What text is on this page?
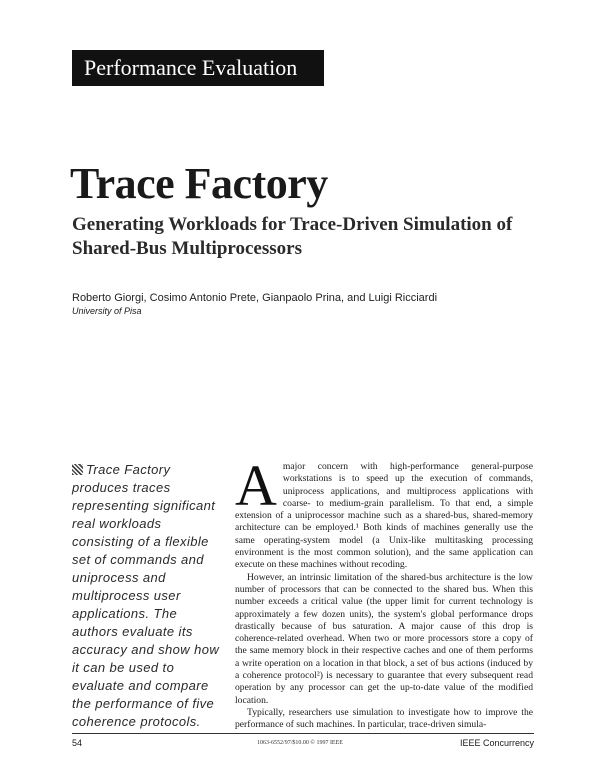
Performance Evaluation
Trace Factory
Generating Workloads for Trace-Driven Simulation of Shared-Bus Multiprocessors
Roberto Giorgi, Cosimo Antonio Prete, Gianpaolo Prina, and Luigi Ricciardi
University of Pisa
Trace Factory produces traces representing significant real workloads consisting of a flexible set of commands and uniprocess and multiprocess user applications. The authors evaluate its accuracy and show how it can be used to evaluate and compare the performance of five coherence protocols.

Amajor concern with high-performance general-purpose workstations is to speed up the execution of commands, uniprocess applications, and multiprocess applications with coarse- to medium-grain parallelism. To that end, a simple extension of a uniprocessor machine such as a shared-bus, shared-memory architecture can be employed.¹ Both kinds of machines generally use the same operating-system model (a Unix-like multitasking processing environment is the most common solution), and the same application can execute on these machines without recoding.

However, an intrinsic limitation of the shared-bus architecture is the low number of processors that can be connected to the shared bus. When this number exceeds a critical value (the upper limit for current technology is approximately a few dozen units), the system's global performance drops drastically because of bus saturation. A major cause of this drop is coherence-related overhead. When two or more processors store a copy of the same memory block in their respective caches and one of them performs a write operation on a location in that block, a set of bus actions (induced by a coherence protocol²) is necessary to guarantee that every subsequent read operation by any processor can get the up-to-date value of the modified location.

Typically, researchers use simulation to investigate how to improve the performance of such machines. In particular, trace-driven simula-

54	1063-6552/97/$10.00 © 1997 IEEE	IEEE Concurrency
